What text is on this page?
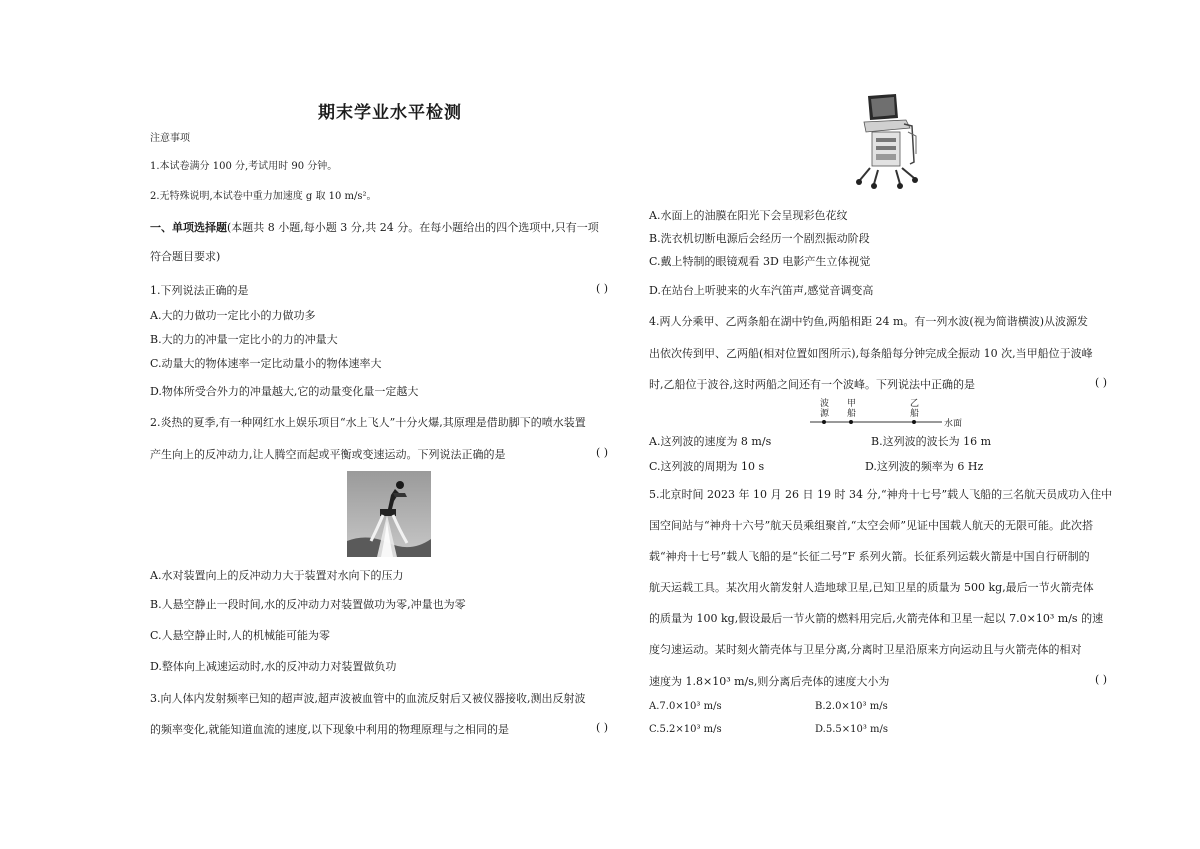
期末学业水平检测
注意事项
1.本试卷满分 100 分,考试用时 90 分钟。
2.无特殊说明,本试卷中重力加速度 g 取 10 m/s²。
一、单项选择题(本题共 8 小题,每小题 3 分,共 24 分。在每小题给出的四个选项中,只有一项
符合题目要求)
1.下列说法正确的是	( )
A.大的力做功一定比小的力做功多
B.大的力的冲量一定比小的力的冲量大
C.动量大的物体速率一定比动量小的物体速率大
D.物体所受合外力的冲量越大,它的动量变化量一定越大
2.炎热的夏季,有一种网红水上娱乐项目“水上飞人”十分火爆,其原理是借助脚下的喷水装置
产生向上的反冲动力,让人腾空而起或平衡或变速运动。下列说法正确的是	( )
A.水对装置向上的反冲动力大于装置对水向下的压力
B.人悬空静止一段时间,水的反冲动力对装置做功为零,冲量也为零
C.人悬空静止时,人的机械能可能为零
D.整体向上减速运动时,水的反冲动力对装置做负功
3.向人体内发射频率已知的超声波,超声波被血管中的血流反射后又被仪器接收,测出反射波
的频率变化,就能知道血流的速度,以下现象中利用的物理原理与之相同的是	( )
A.水面上的油膜在阳光下会呈现彩色花纹
B.洗衣机切断电源后会经历一个剧烈振动阶段
C.戴上特制的眼镜观看 3D 电影产生立体视觉
D.在站台上听驶来的火车汽笛声,感觉音调变高
4.两人分乘甲、乙两条船在湖中钓鱼,两船相距 24 m。有一列水波(视为简谐横波)从波源发
出依次传到甲、乙两船(相对位置如图所示),每条船每分钟完成全振动 10 次,当甲船位于波峰
时,乙船位于波谷,这时两船之间还有一个波峰。下列说法中正确的是	( )
波
源
甲
船
乙
船
水面
A.这列波的速度为 8 m/s	B.这列波的波长为 16 m
C.这列波的周期为 10 s	D.这列波的频率为 6 Hz
5.北京时间 2023 年 10 月 26 日 19 时 34 分,“神舟十七号”载人飞船的三名航天员成功入住中
国空间站与“神舟十六号”航天员乘组聚首,“太空会师”见证中国载人航天的无限可能。此次搭
载“神舟十七号”载人飞船的是“长征二号”F 系列火箭。长征系列运载火箭是中国自行研制的
航天运载工具。某次用火箭发射人造地球卫星,已知卫星的质量为 500 kg,最后一节火箭壳体
的质量为 100 kg,假设最后一节火箭的燃料用完后,火箭壳体和卫星一起以 7.0×10³ m/s 的速
度匀速运动。某时刻火箭壳体与卫星分离,分离时卫星沿原来方向运动且与火箭壳体的相对
速度为 1.8×10³ m/s,则分离后壳体的速度大小为	( )
A.7.0×10³ m/s	B.2.0×10³ m/s
C.5.2×10³ m/s	D.5.5×10³ m/s
